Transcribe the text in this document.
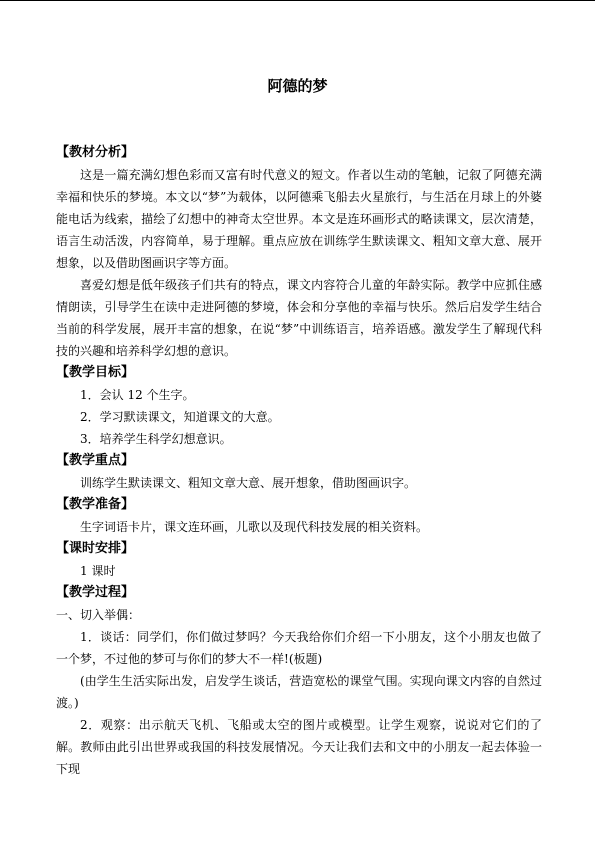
阿德的梦
【教材分析】
这是一篇充满幻想色彩而又富有时代意义的短文。作者以生动的笔触，记叙了阿德充满幸福和快乐的梦境。本文以“梦”为载体，以阿德乘飞船去火星旅行，与生活在月球上的外婆能电话为线索，描绘了幻想中的神奇太空世界。本文是连环画形式的略读课文，层次清楚，语言生动活泼，内容简单，易于理解。重点应放在训练学生默读课文、粗知文章大意、展开想象，以及借助图画识字等方面。
喜爱幻想是低年级孩子们共有的特点，课文内容符合儿童的年龄实际。教学中应抓住感情朗读，引导学生在读中走进阿德的梦境，体会和分享他的幸福与快乐。然后启发学生结合当前的科学发展，展开丰富的想象，在说“梦”中训练语言，培养语感。激发学生了解现代科技的兴趣和培养科学幻想的意识。
【教学目标】
1．会认 12 个生字。
2．学习默读课文，知道课文的大意。
3．培养学生科学幻想意识。
【教学重点】
训练学生默读课文、粗知文章大意、展开想象，借助图画识字。
【教学准备】
生字词语卡片，课文连环画，儿歌以及现代科技发展的相关资料。
【课时安排】
1 课时
【教学过程】
一、切入举偶：
1．谈话：同学们，你们做过梦吗？今天我给你们介绍一下小朋友，这个小朋友也做了一个梦，不过他的梦可与你们的梦大不一样!(板题)
(由学生生活实际出发，启发学生谈话，营造宽松的课堂气围。实现向课文内容的自然过渡。)
2．观察：出示航天飞机、飞船或太空的图片或模型。让学生观察，说说对它们的了解。教师由此引出世界或我国的科技发展情况。今天让我们去和文中的小朋友一起去体验一下现
